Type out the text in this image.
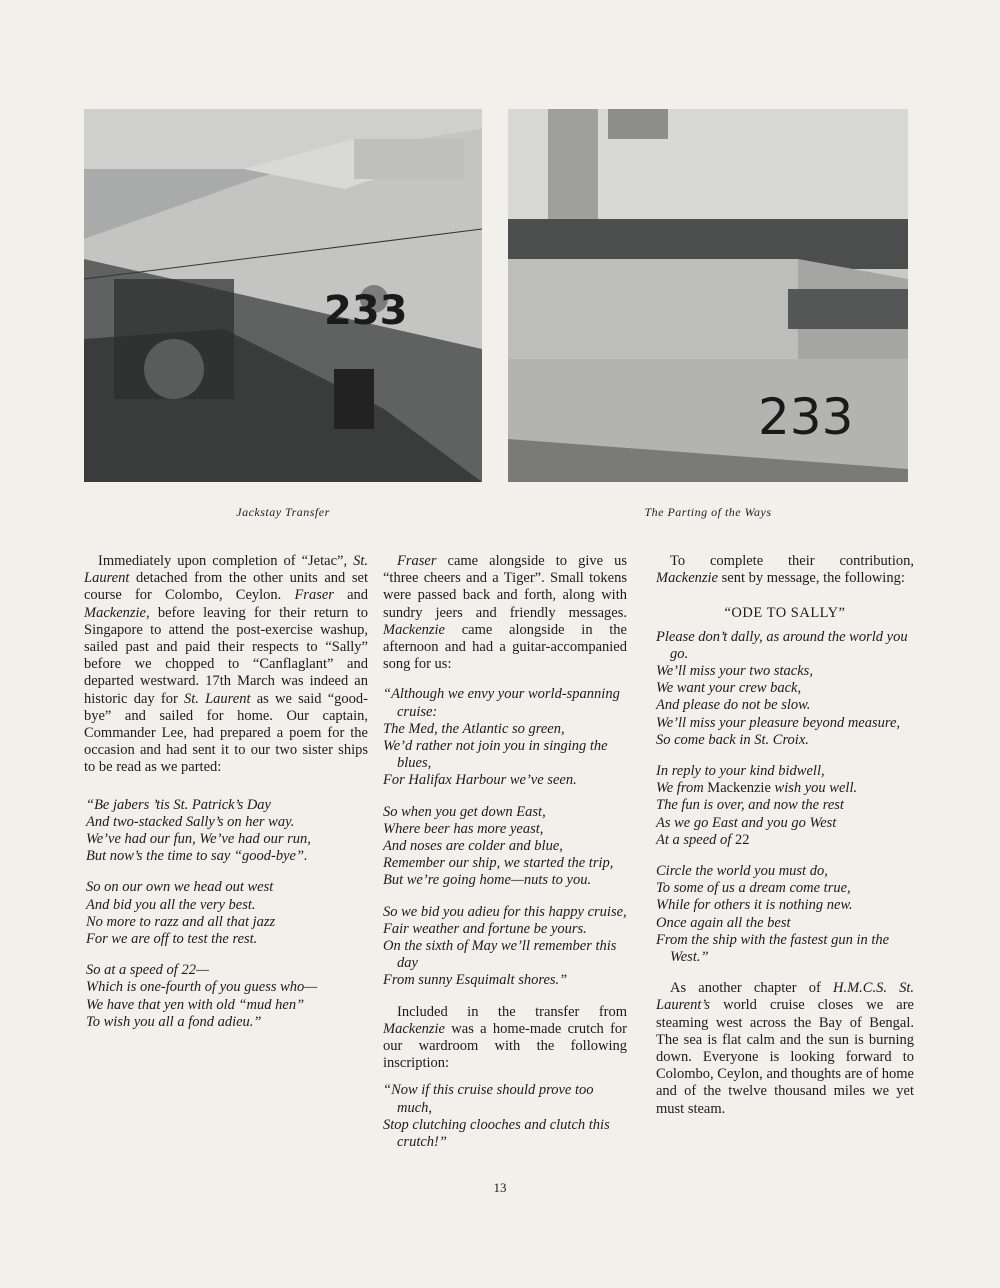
233
233
Jackstay Transfer	The Parting of the Ways

Immediately upon completion of “Jetac”, St. Laurent detached from the other units and set course for Colombo, Ceylon. Fraser and Mackenzie, before leaving for their return to Singapore to attend the post-exercise washup, sailed past and paid their respects to “Sally” before we chopped to “Canflaglant” and departed westward. 17th March was indeed an historic day for St. Laurent as we said “good-bye” and sailed for home. Our captain, Commander Lee, had prepared a poem for the occasion and had sent it to our two sister ships to be read as we parted:

“Be jabers ’tis St. Patrick’s Day
And two-stacked Sally’s on her way.
We’ve had our fun, We’ve had our run,
But now’s the time to say “good-bye”.
So on our own we head out west
And bid you all the very best.
No more to razz and all that jazz
For we are off to test the rest.
So at a speed of 22—
Which is one-fourth of you guess who—
We have that yen with old “mud hen”
To wish you all a fond adieu.”

Fraser came alongside to give us “three cheers and a Tiger”. Small tokens were passed back and forth, along with sundry jeers and friendly messages. Mackenzie came alongside in the afternoon and had a guitar-accompanied song for us:

“Although we envy your world-spanning cruise:
The Med, the Atlantic so green,
We’d rather not join you in singing the blues,
For Halifax Harbour we’ve seen.
So when you get down East,
Where beer has more yeast,
And noses are colder and blue,
Remember our ship, we started the trip,
But we’re going home—nuts to you.
So we bid you adieu for this happy cruise,
Fair weather and fortune be yours.
On the sixth of May we’ll remember this day
From sunny Esquimalt shores.”

Included in the transfer from Mackenzie was a home-made crutch for our wardroom with the following inscription:

“Now if this cruise should prove too much,
Stop clutching clooches and clutch this crutch!”

To complete their contribution, Mackenzie sent by message, the following:

“ODE TO SALLY”
Please don’t dally, as around the world you go.
We’ll miss your two stacks,
We want your crew back,
And please do not be slow.
We’ll miss your pleasure beyond measure,
So come back in St. Croix.
In reply to your kind bidwell,
We from Mackenzie wish you well.
The fun is over, and now the rest
As we go East and you go West
At a speed of 22
Circle the world you must do,
To some of us a dream come true,
While for others it is nothing new.
Once again all the best
From the ship with the fastest gun in the West.”

As another chapter of H.M.C.S. St. Laurent’s world cruise closes we are steaming west across the Bay of Bengal. The sea is flat calm and the sun is burning down. Everyone is looking forward to Colombo, Ceylon, and thoughts are of home and of the twelve thousand miles we yet must steam.

13
